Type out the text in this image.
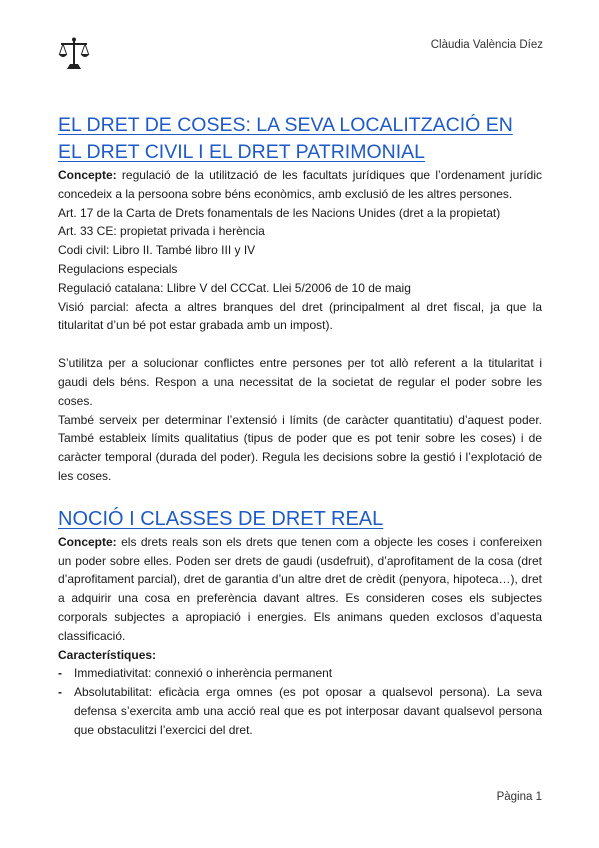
Clàudia València Díez
EL DRET DE COSES: LA SEVA LOCALITZACIÓ EN EL DRET CIVIL I EL DRET PATRIMONIAL

Concepte: regulació de la utilització de les facultats jurídiques que l’ordenament jurídic concedeix a la persoona sobre béns econòmics, amb exclusió de les altres persones.

Art. 17 de la Carta de Drets fonamentals de les Nacions Unides (dret a la propietat)

Art. 33 CE: propietat privada i herència

Codi civil: Libro II. També libro III y IV

Regulacions especials

Regulació catalana: Llibre V del CCCat. Llei 5/2006 de 10 de maig

Visió parcial: afecta a altres branques del dret (principalment al dret fiscal, ja que la titularitat d’un bé pot estar grabada amb un impost).

S’utilitza per a solucionar conflictes entre persones per tot allò referent a la titularitat i gaudi dels béns. Respon a una necessitat de la societat de regular el poder sobre les coses.

També serveix per determinar l’extensió i límits (de caràcter quantitatiu) d’aquest poder. També estableix límits qualitatius (tipus de poder que es pot tenir sobre les coses) i de caràcter temporal (durada del poder). Regula les decisions sobre la gestió i l’explotació de les coses.

NOCIÓ I CLASSES DE DRET REAL

Concepte: els drets reals son els drets que tenen com a objecte les coses i confereixen un poder sobre elles. Poden ser drets de gaudi (usdefruit), d’aprofitament de la cosa (dret d’aprofitament parcial), dret de garantia d’un altre dret de crèdit (penyora, hipoteca…), dret a adquirir una cosa en preferència davant altres. Es consideren coses els subjectes corporals subjectes a apropiació i energies. Els animans queden exclosos d’aquesta classificació.

Característiques:

- Immediativitat: connexió o inherència permanent
- Absolutabilitat: eficàcia erga omnes (es pot oposar a qualsevol persona). La seva defensa s’exercita amb una acció real que es pot interposar davant qualsevol persona que obstaculitzi l’exercici del dret.
Pàgina 1
